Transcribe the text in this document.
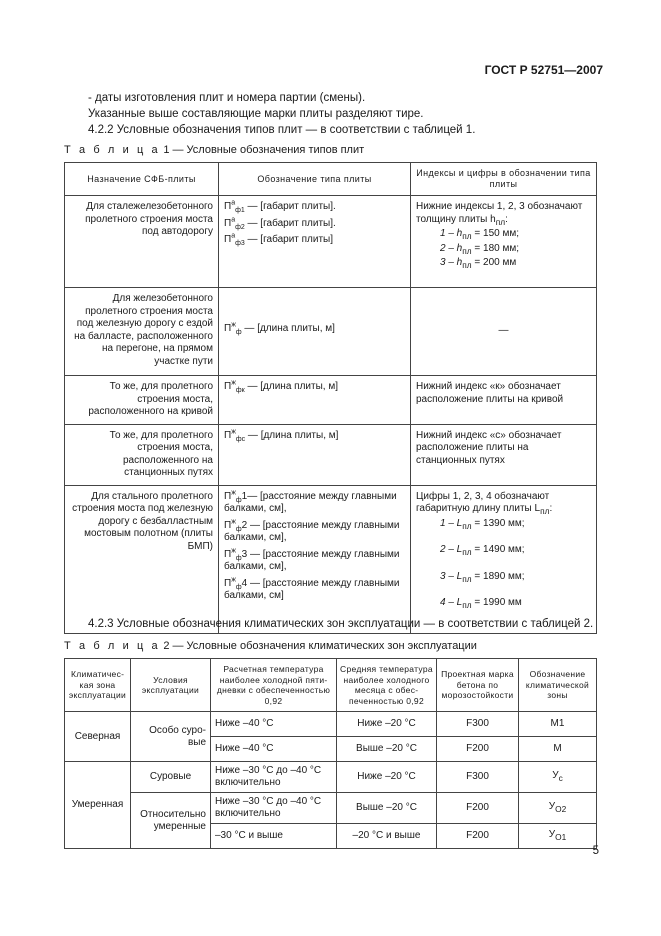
ГОСТ Р 52751—2007

- даты изготовления плит и номера партии (смены).

Указанные выше составляющие марки плиты разделяют тире.

4.2.2 Условные обозначения типов плит — в соответствии с таблицей 1.

Т а б л и ц а 1 — Условные обозначения типов плит
Назначение СФБ-плиты	Обозначение типа плиты	Индексы и цифры в обозначении типа плиты
Для сталежелезобетонного пролетного строения моста под автодорогу	$П^а_{ф1}$ — [габарит плиты].
$П^а_{ф2}$ — [габарит плиты].
$П^а_{ф3}$ — [габарит плиты]	Нижние индексы 1, 2, 3 обозначают толщину плиты $h_{пл}$:
$1 - h_{пл} = 150$ мм;
$2 - h_{пл} = 180$ мм;
$3 - h_{пл} = 200$ мм

Для железобетонного пролетного строения моста под железную дорогу с ездой на балласте, расположенного на перегоне, на прямом участке пути	$П^ж_ф$ — [длина плиты, м]	—
То же, для пролетного строения моста, расположенного на кривой	$П^ж_{фк}$ — [длина плиты, м]	Нижний индекс «к» обозначает расположение плиты на кривой
То же, для пролетного строения моста, расположенного на станционных путях	$П^ж_{фс}$ — [длина плиты, м]	Нижний индекс «с» обозначает расположение плиты на станционных путях
Для стального пролетного строения моста под железную дорогу с безбалластным мостовым полотном (плиты БМП)	$П^ж_ф1—$ [расстояние между главными балками, см],
$П^ж_ф2$ — [расстояние между главными балками, см],
$П^ж_ф3$ — [расстояние между главными балками, см],
$П^ж_ф4$ — [расстояние между главными балками, см]	Цифры 1, 2, 3, 4 обозначают габаритную длину плиты $L_{пл}$:
$1 - L_{пл} = 1390$ мм;
$2 - L_{пл} = 1490$ мм;
$3 - L_{пл} = 1890$ мм;
$4 - L_{пл} = 1990$ мм
4.2.3 Условные обозначения климатических зон эксплуатации — в соответствии с таблицей 2.
Т а б л и ц а 2 — Условные обозначения климатических зон эксплуатации
Климатическая зона эксплуатации	Условия эксплуатации	Расчетная температура наиболее холодной пятидневки с обеспеченностью 0,92	Средняя температура наиболее холодного месяца с обеспеченностью 0,92	Проектная марка бетона по морозостойкости	Обозначение климатической зоны
Северная	Особо суровые	Ниже –40 °С	Ниже –20 °С	F300	М1
		Ниже –40 °С	Выше –20 °С	F200	М
Умеренная	Суровые	Ниже –30 °С до –40 °С включительно	Ниже –20 °С	F300	$У_с$
	Относительно умеренные	Ниже –30 °С до –40 °С включительно	Выше –20 °С	F200	$У_{О2}$
		–30 °С и выше	–20 °С и выше	F200	$У_{О1}$
5
